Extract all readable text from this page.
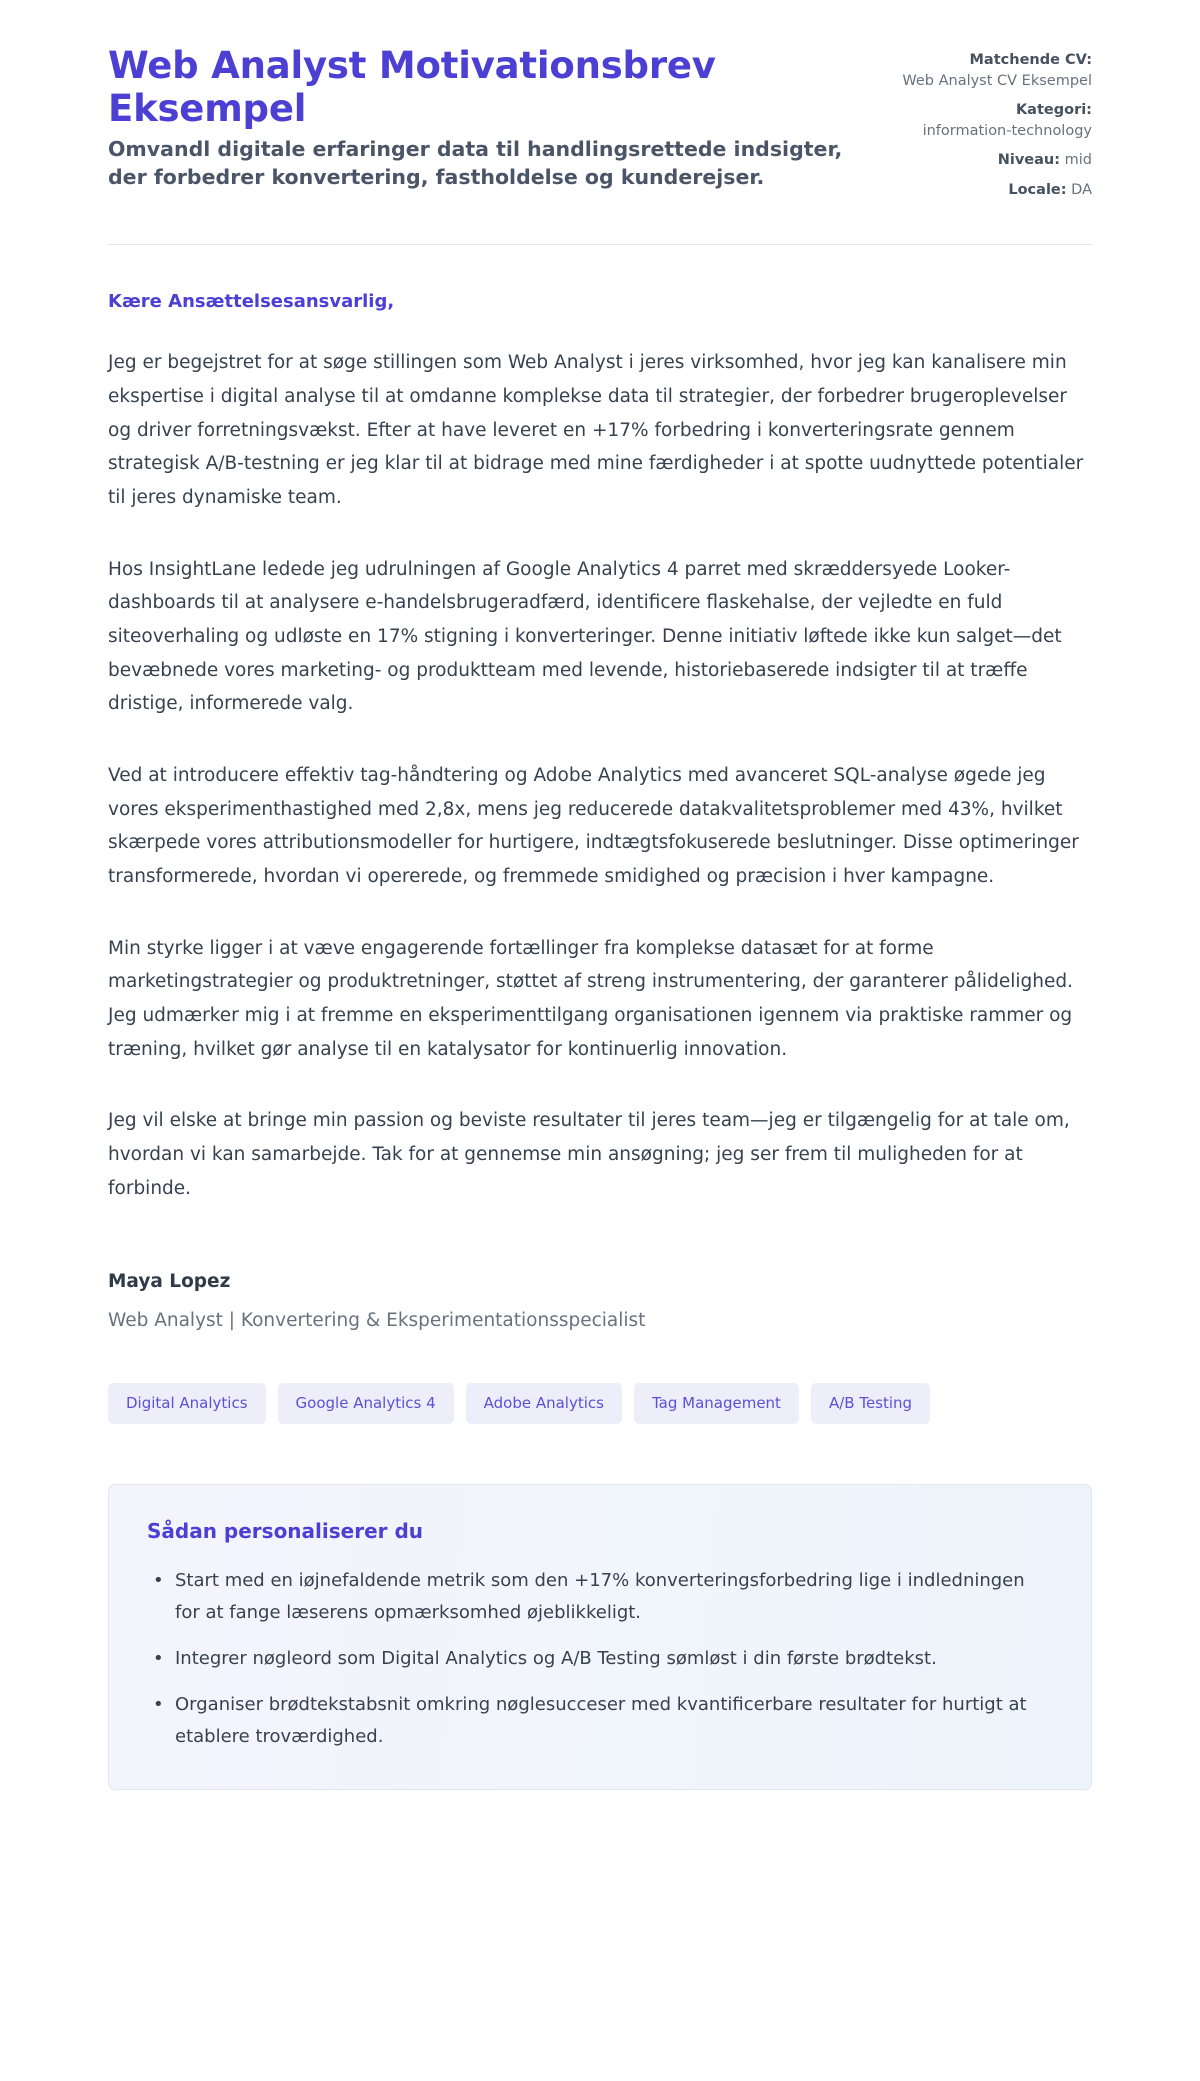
Web Analyst Motivationsbrev Eksempel

Omvandl digitale erfaringer data til handlingsrettede indsigter, der forbedrer konvertering, fastholdelse og kunderejser.

Matchende CV:
Web Analyst CV Eksempel
Kategori:
information-technology
Niveau: mid
Locale: DA

Kære Ansættelsesansvarlig,

Jeg er begejstret for at søge stillingen som Web Analyst i jeres virksomhed, hvor jeg kan kanalisere min ekspertise i digital analyse til at omdanne komplekse data til strategier, der forbedrer brugeroplevelser og driver forretningsvækst. Efter at have leveret en +17% forbedring i konverteringsrate gennem strategisk A/B-testning er jeg klar til at bidrage med mine færdigheder i at spotte uudnyttede potentialer til jeres dynamiske team.

Hos InsightLane ledede jeg udrulningen af Google Analytics 4 parret med skræddersyede Looker-dashboards til at analysere e-handelsbrugeradfærd, identificere flaskehalse, der vejledte en fuld siteoverhaling og udløste en 17% stigning i konverteringer. Denne initiativ løftede ikke kun salget—det bevæbnede vores marketing- og produktteam med levende, historiebaserede indsigter til at træffe dristige, informerede valg.

Ved at introducere effektiv tag-håndtering og Adobe Analytics med avanceret SQL-analyse øgede jeg vores eksperimenthastighed med 2,8x, mens jeg reducerede datakvalitetsproblemer med 43%, hvilket skærpede vores attributionsmodeller for hurtigere, indtægtsfokuserede beslutninger. Disse optimeringer transformerede, hvordan vi opererede, og fremmede smidighed og præcision i hver kampagne.

Min styrke ligger i at væve engagerende fortællinger fra komplekse datasæt for at forme marketingstrategier og produktretninger, støttet af streng instrumentering, der garanterer pålidelighed. Jeg udmærker mig i at fremme en eksperimenttilgang organisationen igennem via praktiske rammer og træning, hvilket gør analyse til en katalysator for kontinuerlig innovation.

Jeg vil elske at bringe min passion og beviste resultater til jeres team—jeg er tilgængelig for at tale om, hvordan vi kan samarbejde. Tak for at gennemse min ansøgning; jeg ser frem til muligheden for at forbinde.

Maya Lopez

Web Analyst | Konvertering & Eksperimentationsspecialist

Digital Analytics	Google Analytics 4	Adobe Analytics	Tag Management	A/B Testing
Sådan personaliserer du
• Start med en iøjnefaldende metrik som den +17% konverteringsforbedring lige i indledningen for at fange læserens opmærksomhed øjeblikkeligt.
• Integrer nøgleord som Digital Analytics og A/B Testing sømløst i din første brødtekst.
• Organiser brødtekstabsnit omkring nøglesucceser med kvantificerbare resultater for hurtigt at etablere troværdighed.
